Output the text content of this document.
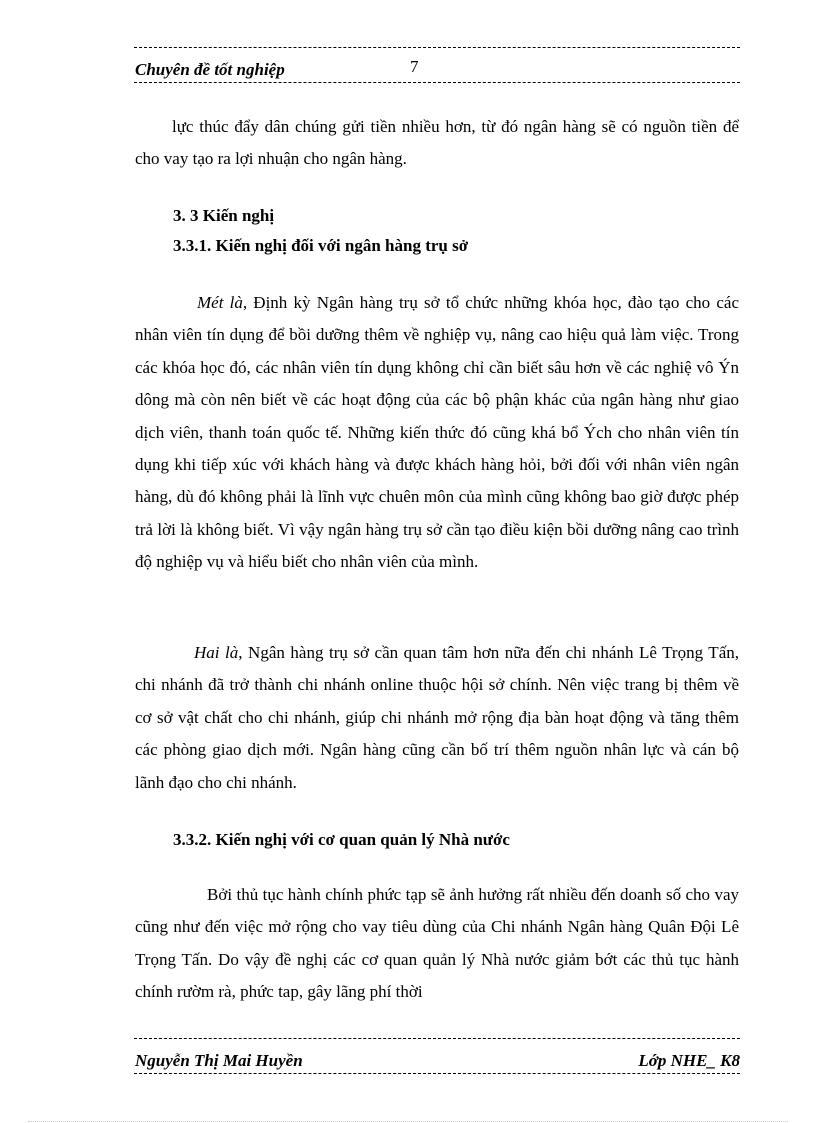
Chuyên đề tốt nghiệp	7

lực thúc đẩy dân chúng gửi tiền nhiều hơn, từ đó ngân hàng sẽ có nguồn tiền để cho vay tạo ra lợi nhuận cho ngân hàng.

3. 3 Kiến nghị
3.3.1. Kiến nghị đối với ngân hàng trụ sở

Mét là, Định kỳ Ngân hàng trụ sở tổ chức những khóa học, đào tạo cho các nhân viên tín dụng để bồi dưỡng thêm về nghiệp vụ, nâng cao hiệu quả làm việc. Trong các khóa học đó, các nhân viên tín dụng không chỉ cần biết sâu hơn về các nghiệ vô Ýn dông mà còn nên biết về các hoạt động của các bộ phận khác của ngân hàng như giao dịch viên, thanh toán quốc tế. Những kiến thức đó cũng khá bổ Ých cho nhân viên tín dụng khi tiếp xúc với khách hàng và được khách hàng hỏi, bởi đối với nhân viên ngân hàng, dù đó không phải là lĩnh vực chuên môn của mình cũng không bao giờ được phép trả lời là không biết. Vì vậy ngân hàng trụ sở cần tạo điều kiện bồi dưỡng nâng cao trình độ nghiệp vụ và hiểu biết cho nhân viên của mình.

Hai là, Ngân hàng trụ sở cần quan tâm hơn nữa đến chi nhánh Lê Trọng Tấn, chi nhánh đã trở thành chi nhánh online thuộc hội sở chính. Nên việc trang bị thêm về cơ sở vật chất cho chi nhánh, giúp chi nhánh mở rộng địa bàn hoạt động và tăng thêm các phòng giao dịch mới. Ngân hàng cũng cần bố trí thêm nguồn nhân lực và cán bộ lãnh đạo cho chi nhánh.

3.3.2. Kiến nghị với cơ quan quản lý Nhà nước

Bởi thủ tục hành chính phức tạp sẽ ảnh hưởng rất nhiều đến doanh số cho vay cũng như đến việc mở rộng cho vay tiêu dùng của Chi nhánh Ngân hàng Quân Đội Lê Trọng Tấn. Do vậy đề nghị các cơ quan quản lý Nhà nước giảm bớt các thủ tục hành chính rườm rà, phức tap, gây lãng phí thời

Nguyễn Thị Mai Huyền	Lớp NHE_ K8
